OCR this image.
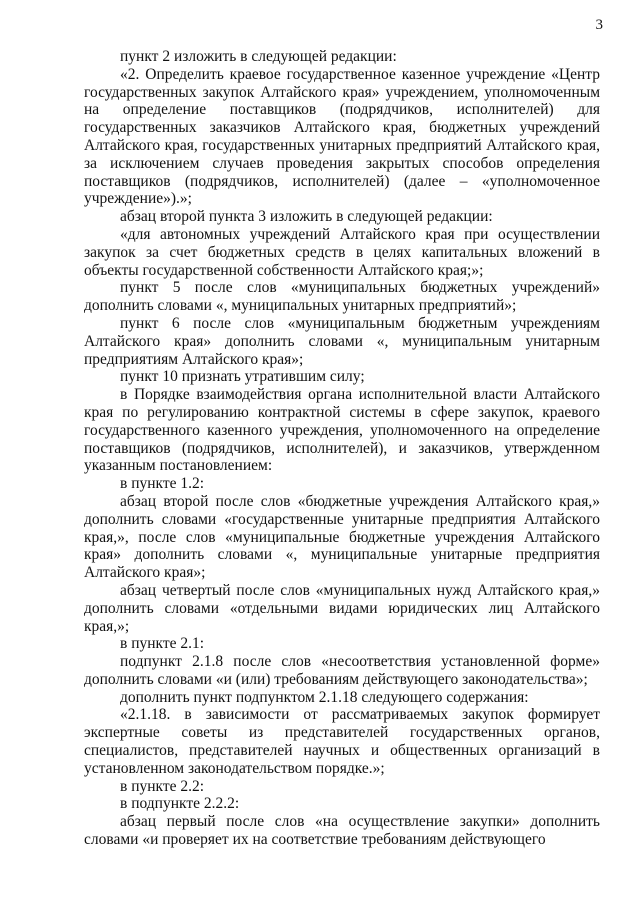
3

пункт 2 изложить в следующей редакции:

«2. Определить краевое государственное казенное учреждение «Центр государственных закупок Алтайского края» учреждением, уполномоченным на определение поставщиков (подрядчиков, исполнителей) для государственных заказчиков Алтайского края, бюджетных учреждений Алтайского края, государственных унитарных предприятий Алтайского края, за исключением случаев проведения закрытых способов определения поставщиков (подрядчиков, исполнителей) (далее – «уполномоченное учреждение»).»;

абзац второй пункта 3 изложить в следующей редакции:

«для автономных учреждений Алтайского края при осуществлении закупок за счет бюджетных средств в целях капитальных вложений в объекты государственной собственности Алтайского края;»;

пункт 5 после слов «муниципальных бюджетных учреждений» дополнить словами «, муниципальных унитарных предприятий»;

пункт 6 после слов «муниципальным бюджетным учреждениям Алтайского края» дополнить словами «, муниципальным унитарным предприятиям Алтайского края»;

пункт 10 признать утратившим силу;

в Порядке взаимодействия органа исполнительной власти Алтайского края по регулированию контрактной системы в сфере закупок, краевого государственного казенного учреждения, уполномоченного на определение поставщиков (подрядчиков, исполнителей), и заказчиков, утвержденном указанным постановлением:

в пункте 1.2:

абзац второй после слов «бюджетные учреждения Алтайского края,» дополнить словами «государственные унитарные предприятия Алтайского края,», после слов «муниципальные бюджетные учреждения Алтайского края» дополнить словами «, муниципальные унитарные предприятия Алтайского края»;

абзац четвертый после слов «муниципальных нужд Алтайского края,» дополнить словами «отдельными видами юридических лиц Алтайского края,»;

в пункте 2.1:

подпункт 2.1.8 после слов «несоответствия установленной форме» дополнить словами «и (или) требованиям действующего законодательства»;

дополнить пункт подпунктом 2.1.18 следующего содержания:

«2.1.18. в зависимости от рассматриваемых закупок формирует экспертные советы из представителей государственных органов, специалистов, представителей научных и общественных организаций в установленном законодательством порядке.»;

в пункте 2.2:

в подпункте 2.2.2:

абзац первый после слов «на осуществление закупки» дополнить словами «и проверяет их на соответствие требованиям действующего
